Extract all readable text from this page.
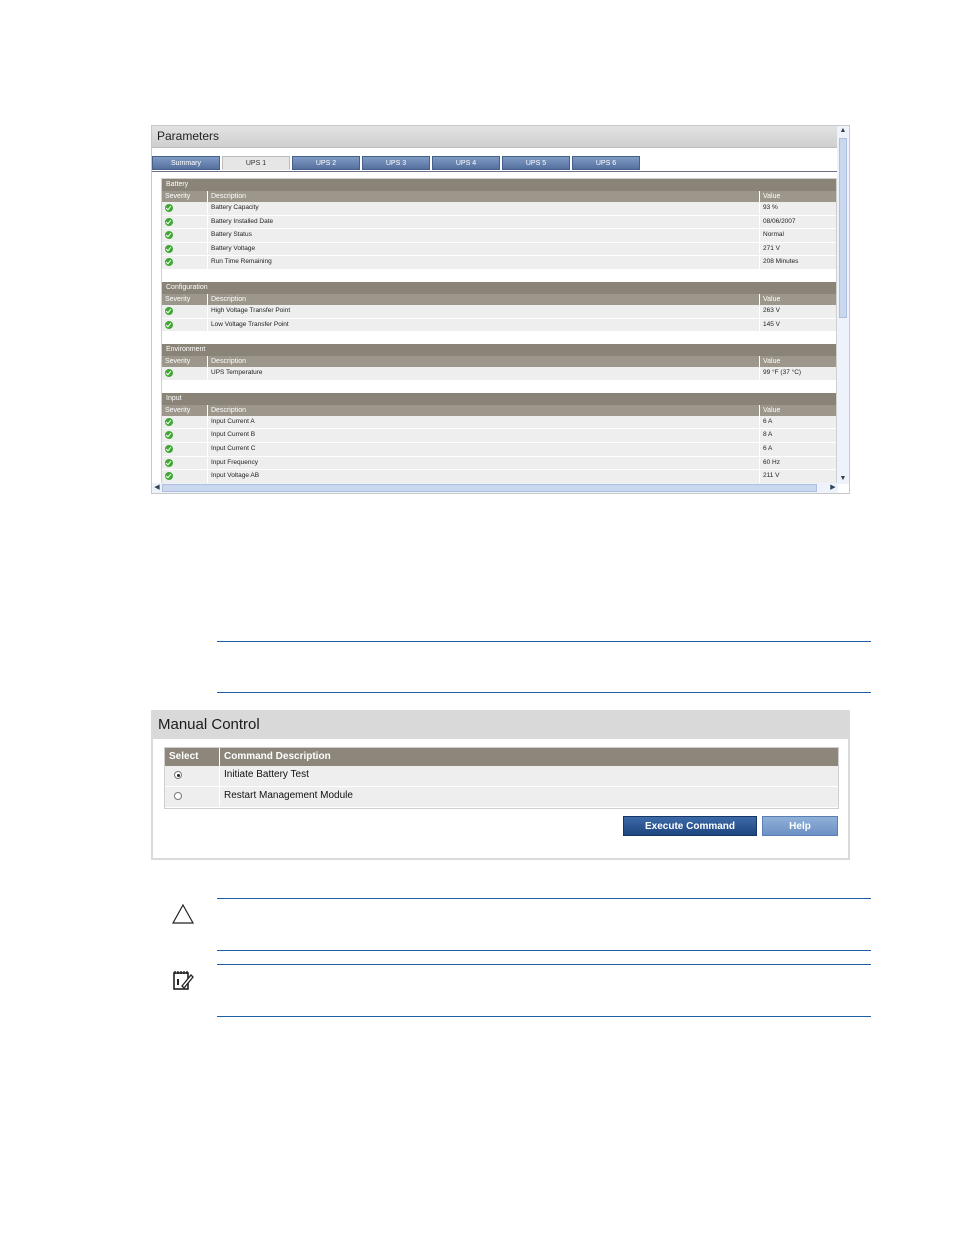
Parameters
Summary	UPS 1	UPS 2	UPS 3	UPS 4	UPS 5	UPS 6
Battery
Severity	Description	Value
Battery Capacity	93 %
Battery Installed Date	08/06/2007
Battery Status	Normal
Battery Voltage	271 V
Run Time Remaining	208 Minutes
Configuration
Severity	Description	Value
High Voltage Transfer Point	263 V
Low Voltage Transfer Point	145 V
Environment
Severity	Description	Value
UPS Temperature	99 °F (37 °C)
Input
Severity	Description	Value
Input Current A	6 A
Input Current B	8 A
Input Current C	6 A
Input Frequency	60 Hz
Input Voltage AB	211 V
▲
▼
◀	▶
Manual Control
Select	Command Description
Initiate Battery Test
Restart Management Module
Execute Command	Help
